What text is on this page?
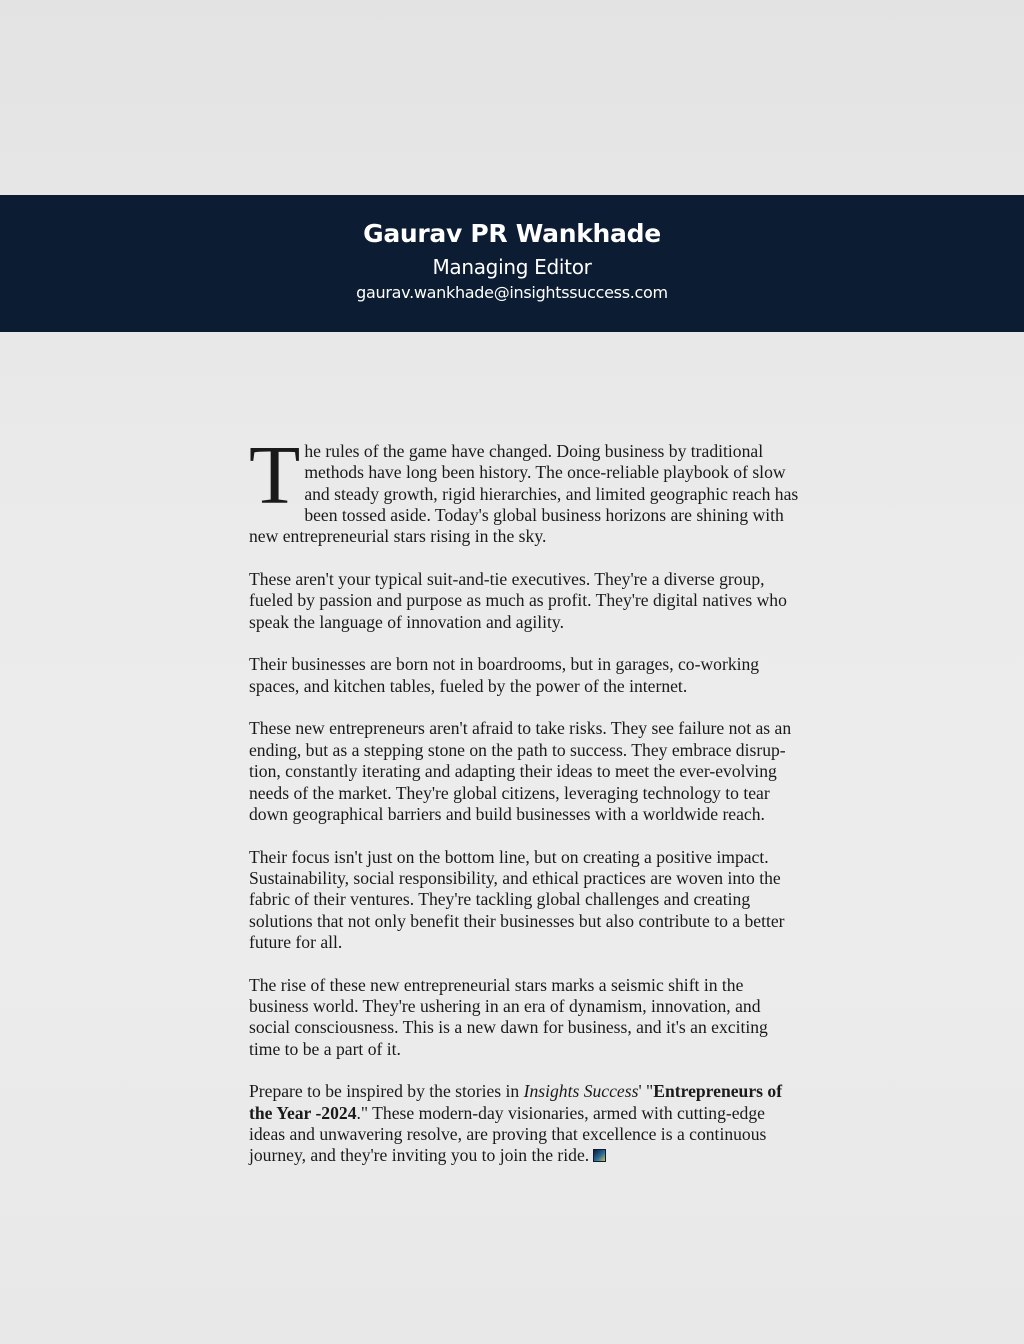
Gaurav PR Wankhade
Managing Editor
gaurav.wankhade@insightssuccess.com

The rules of the game have changed. Doing business by traditional methods have long been history. The once-reliable playbook of slow and steady growth, rigid hierarchies, and limited geographic reach has been tossed aside. Today's global business horizons are shining with new entrepreneurial stars rising in the sky.

These aren't your typical suit-and-tie executives. They're a diverse group, fueled by passion and purpose as much as profit. They're digital natives who speak the language of innovation and agility.

Their businesses are born not in boardrooms, but in garages, co-working spaces, and kitchen tables, fueled by the power of the internet.

These new entrepreneurs aren't afraid to take risks. They see failure not as an ending, but as a stepping stone on the path to success. They embrace disrup-tion, constantly iterating and adapting their ideas to meet the ever-evolving needs of the market. They're global citizens, leveraging technology to tear down geographical barriers and build businesses with a worldwide reach.

Their focus isn't just on the bottom line, but on creating a positive impact. Sustainability, social responsibility, and ethical practices are woven into the fabric of their ventures. They're tackling global challenges and creating solutions that not only benefit their businesses but also contribute to a better future for all.

The rise of these new entrepreneurial stars marks a seismic shift in the business world. They're ushering in an era of dynamism, innovation, and social consciousness. This is a new dawn for business, and it's an exciting time to be a part of it.

Prepare to be inspired by the stories in Insights Success' "Entrepreneurs of the Year -2024." These modern-day visionaries, armed with cutting-edge ideas and unwavering resolve, are proving that excellence is a continuous journey, and they're inviting you to join the ride.
